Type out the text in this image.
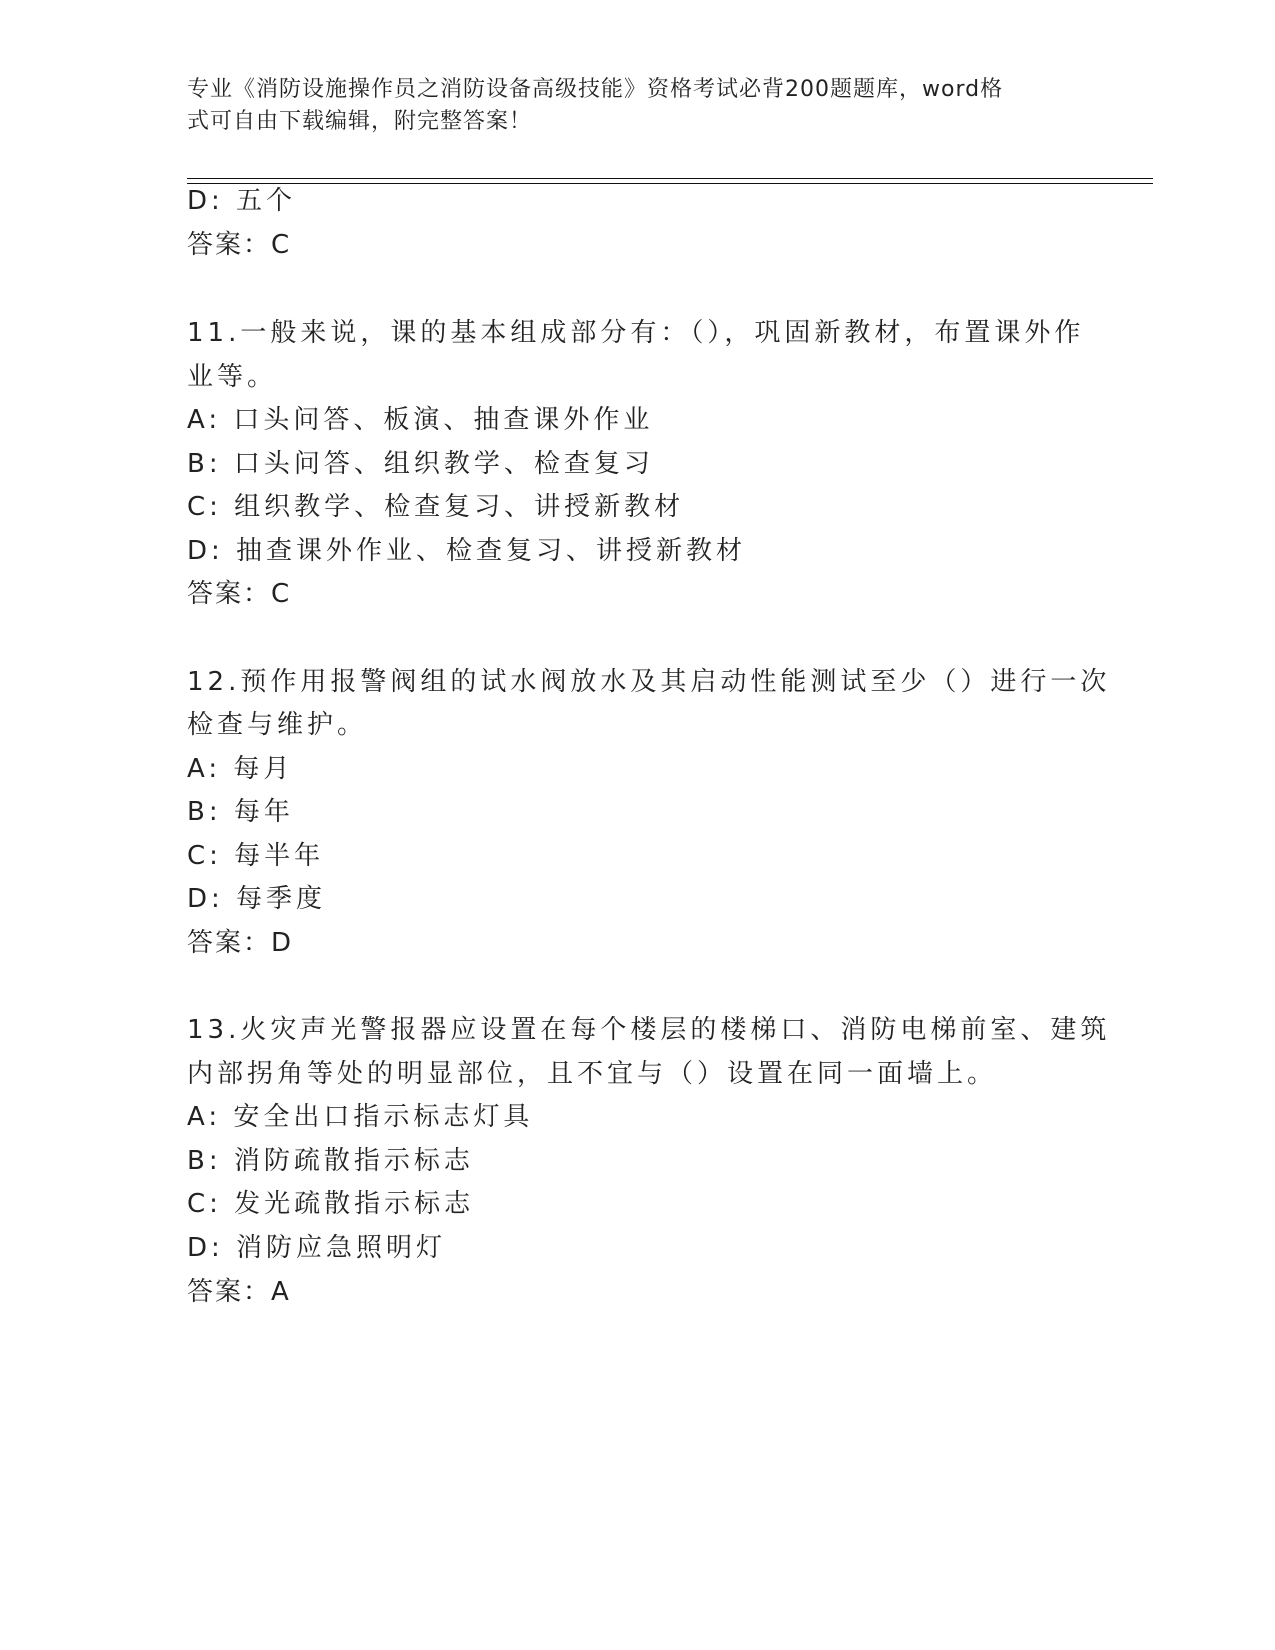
专业《消防设施操作员之消防设备高级技能》资格考试必背200题题库，word格
式可自由下载编辑，附完整答案！
D: 五个
答案：C
11.一般来说，课的基本组成部分有：（），巩固新教材，布置课外作
业等。
A: 口头问答、板演、抽查课外作业
B: 口头问答、组织教学、检查复习
C: 组织教学、检查复习、讲授新教材
D: 抽查课外作业、检查复习、讲授新教材
答案：C
12.预作用报警阀组的试水阀放水及其启动性能测试至少（）进行一次
检查与维护。
A: 每月
B: 每年
C: 每半年
D: 每季度
答案：D
13.火灾声光警报器应设置在每个楼层的楼梯口、消防电梯前室、建筑
内部拐角等处的明显部位，且不宜与（）设置在同一面墙上。
A: 安全出口指示标志灯具
B: 消防疏散指示标志
C: 发光疏散指示标志
D: 消防应急照明灯
答案：A
